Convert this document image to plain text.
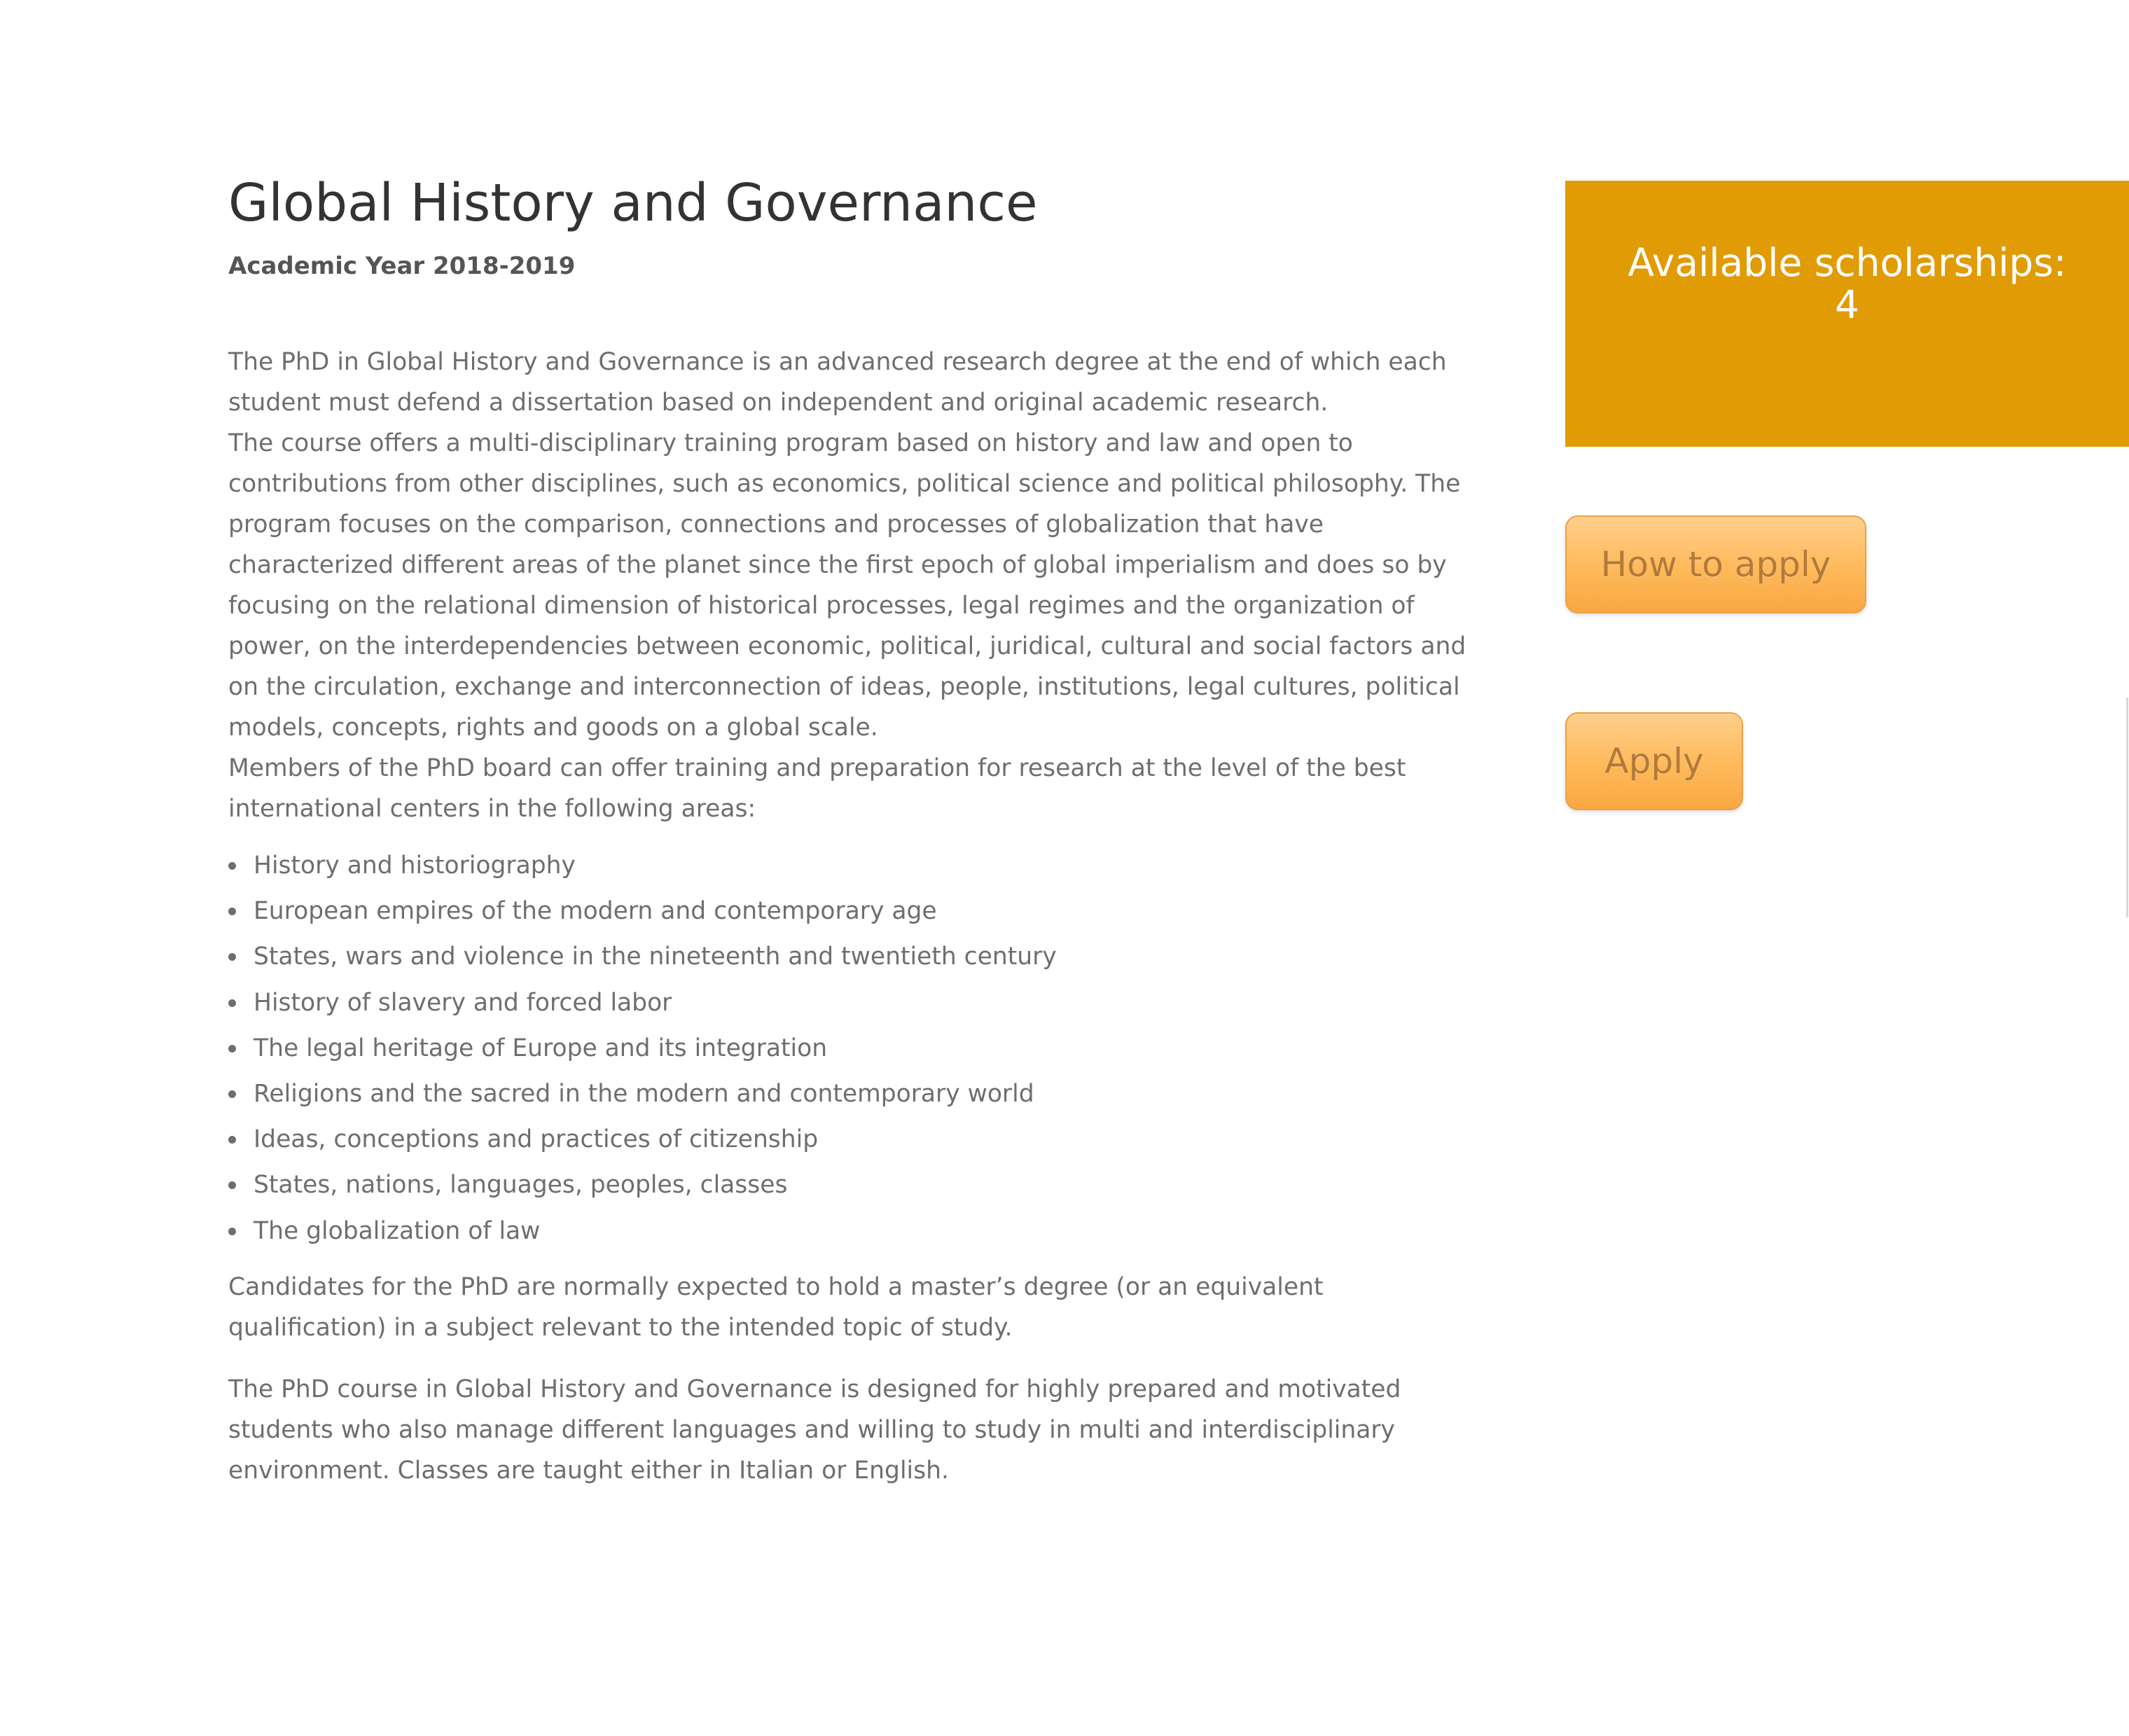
Global History and Governance
Academic Year 2018-2019

The PhD in Global History and Governance is an advanced research degree at the end of which each student must defend a dissertation based on independent and original academic research.

The course offers a multi-disciplinary training program based on history and law and open to contributions from other disciplines, such as economics, political science and political philosophy. The program focuses on the comparison, connections and processes of globalization that have characterized different areas of the planet since the first epoch of global imperialism and does so by focusing on the relational dimension of historical processes, legal regimes and the organization of power, on the interdependencies between economic, political, juridical, cultural and social factors and on the circulation, exchange and interconnection of ideas, people, institutions, legal cultures, political models, concepts, rights and goods on a global scale.

Members of the PhD board can offer training and preparation for research at the level of the best international centers in the following areas:

History and historiography
European empires of the modern and contemporary age
States, wars and violence in the nineteenth and twentieth century
History of slavery and forced labor
The legal heritage of Europe and its integration
Religions and the sacred in the modern and contemporary world
Ideas, conceptions and practices of citizenship
States, nations, languages, peoples, classes
The globalization of law

Candidates for the PhD are normally expected to hold a master’s degree (or an equivalent qualification) in a subject relevant to the intended topic of study.

The PhD course in Global History and Governance is designed for highly prepared and motivated students who also manage different languages and willing to study in multi and interdisciplinary environment. Classes are taught either in Italian or English.

Available scholarships:
4
How to apply
Apply
